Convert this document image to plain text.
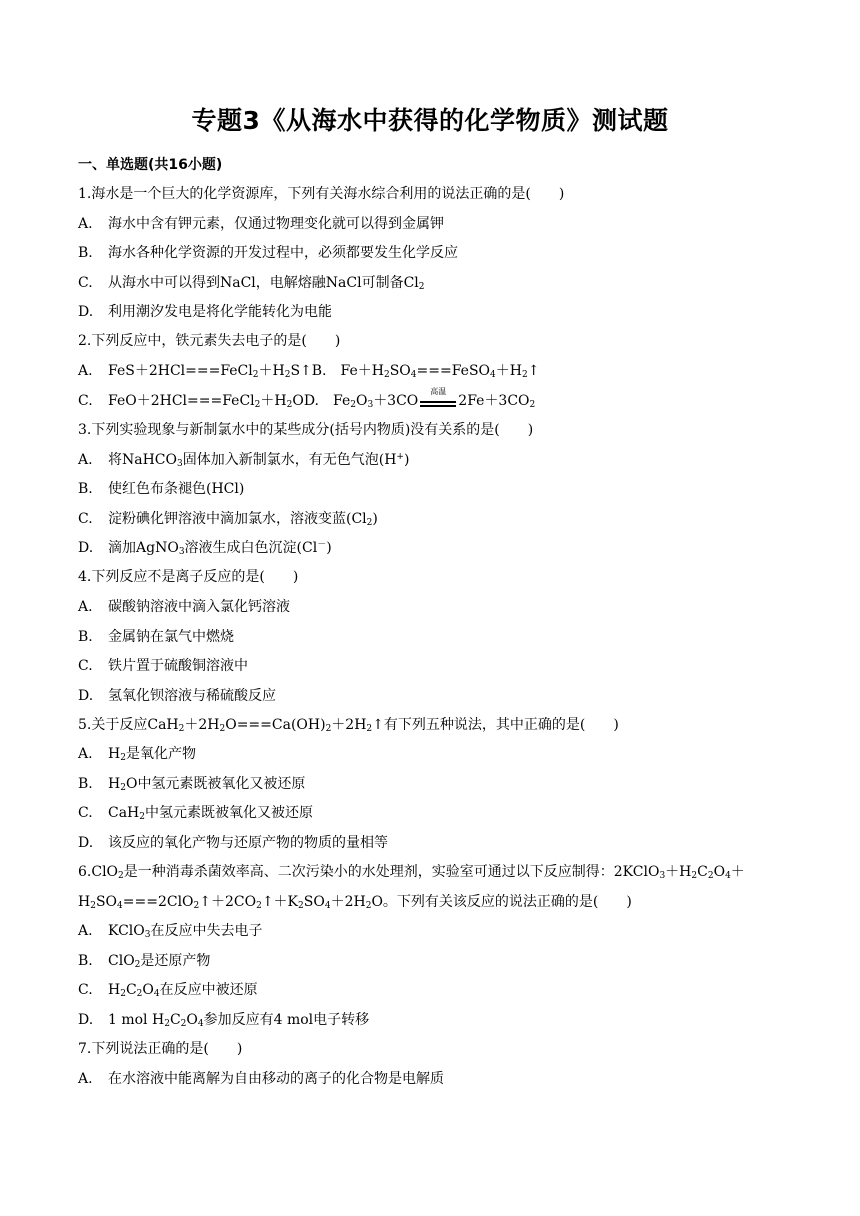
专题3《从海水中获得的化学物质》测试题
一、单选题(共16小题)
1.海水是一个巨大的化学资源库，下列有关海水综合利用的说法正确的是(　　)
A. 海水中含有钾元素，仅通过物理变化就可以得到金属钾
B. 海水各种化学资源的开发过程中，必须都要发生化学反应
C. 从海水中可以得到NaCl，电解熔融NaCl可制备$Cl_2$
D. 利用潮汐发电是将化学能转化为电能
2.下列反应中，铁元素失去电子的是(　　)
A. $FeS+2HCl===FeCl_2+H_2S↑B$.　$Fe+H_2SO_4===FeSO_4+H_2↑$
C. $FeO+2HCl===FeCl_2+H_2OD$.　$Fe_2O_3+3CO$
高温
$2Fe+3CO_2$
3.下列实验现象与新制氯水中的某些成分(括号内物质)没有关系的是(　　)
A. 将NaHCO$_3$固体加入新制氯水，有无色气泡(H+)
B. 使红色布条褪色(HCl)
C. 淀粉碘化钾溶液中滴加氯水，溶液变蓝$(Cl_2)$
D. 滴加AgNO$_3$溶液生成白色沉淀(Cl－)
4.下列反应不是离子反应的是(　　)
A. 碳酸钠溶液中滴入氯化钙溶液
B. 金属钠在氯气中燃烧
C. 铁片置于硫酸铜溶液中
D. 氢氧化钡溶液与稀硫酸反应
5.关于反应$CaH_2+2H_2O===Ca(OH)_2+2H_2↑$有下列五种说法，其中正确的是(　　)
A. $H_2$是氧化产物
B. $H_2O$中氢元素既被氧化又被还原
C. CaH$_2$中氢元素既被氧化又被还原
D. 该反应的氧化产物与还原产物的物质的量相等
6.ClO$_2$是一种消毒杀菌效率高、二次污染小的水处理剂，实验室可通过以下反应制得：$2KClO_3+H_2C_2O_4+$
$H_2SO_4===2ClO_2↑+2CO_2↑+K_2SO_4+2H_2O$。下列有关该反应的说法正确的是(　　)
A. KClO$_3$在反应中失去电子
B. ClO$_2$是还原产物
C. $H_2C_2O_4$在反应中被还原
D. 1 mol $H_2C_2O_4$参加反应有4 mol电子转移
7.下列说法正确的是(　　)
A. 在水溶液中能离解为自由移动的离子的化合物是电解质
